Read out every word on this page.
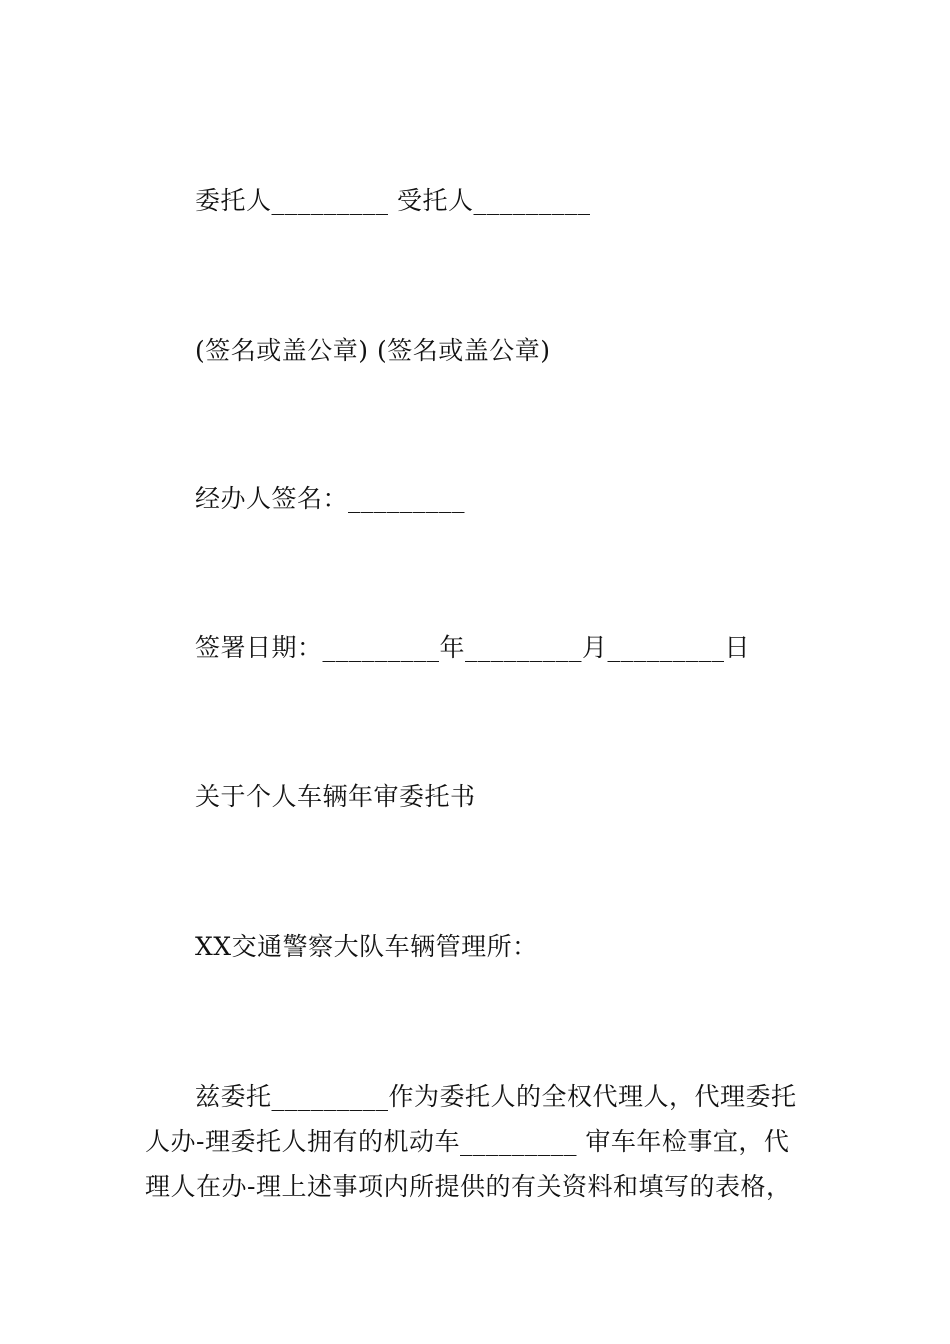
委托人_________ 受托人_________
(签名或盖公章) (签名或盖公章)
经办人签名：_________
签署日期：_________年_________月_________日
关于个人车辆年审委托书
XX交通警察大队车辆管理所：
兹委托_________作为委托人的全权代理人，代理委托
人办-理委托人拥有的机动车_________ 审车年检事宜，代
理人在办-理上述事项内所提供的有关资料和填写的表格，
